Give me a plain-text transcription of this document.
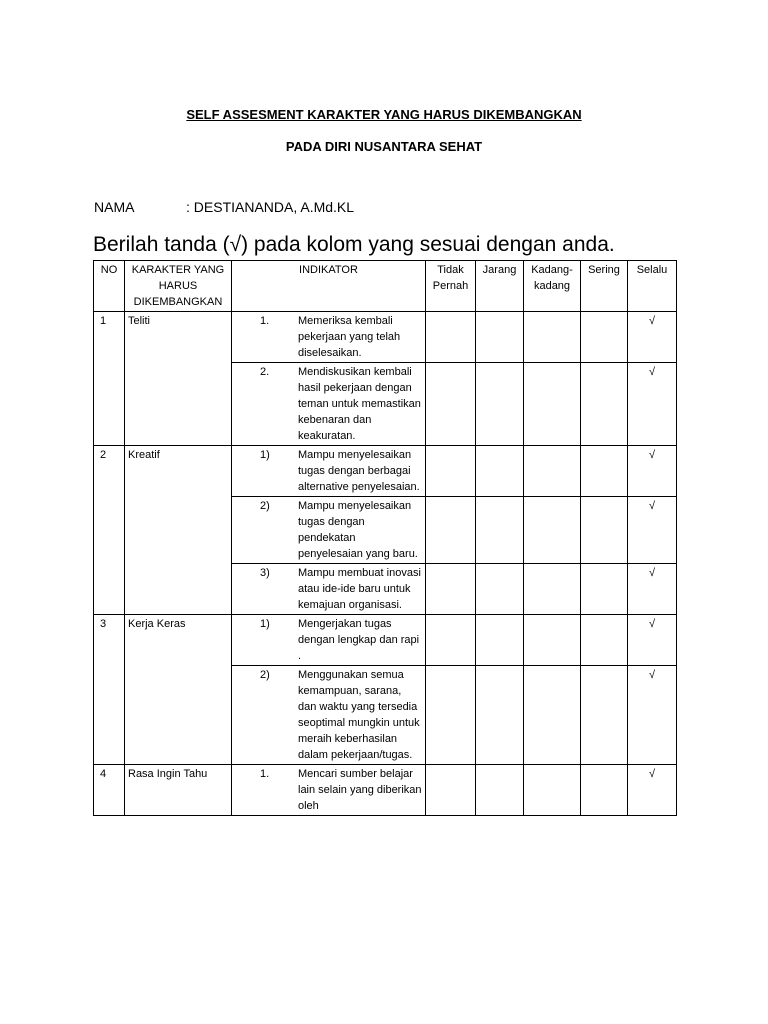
SELF ASSESMENT KARAKTER YANG HARUS DIKEMBANGKAN
PADA DIRI NUSANTARA SEHAT
NAMA	: DESTIANANDA, A.Md.KL
Berilah tanda (√) pada kolom yang sesuai dengan anda.
NO	KARAKTER YANG HARUS DIKEMBANGKAN	INDIKATOR	Tidak Pernah	Jarang	Kadang-kadang	Sering	Selalu
1	Teliti	1. Memeriksa kembali pekerjaan yang telah diselesaikan.					√

		2. Mendiskusikan kembali hasil pekerjaan dengan teman untuk memastikan kebenaran dan keakuratan.					√
2	Kreatif	1) Mampu menyelesaikan tugas dengan berbagai alternative penyelesaian.					√

		2) Mampu menyelesaikan tugas dengan pendekatan penyelesaian yang baru.					√

		3) Mampu membuat inovasi atau ide-ide baru untuk kemajuan organisasi.					√
3	Kerja Keras	1) Mengerjakan tugas dengan lengkap dan rapi .					√

		2) Menggunakan semua kemampuan, sarana, dan waktu yang tersedia seoptimal mungkin untuk meraih keberhasilan dalam pekerjaan/tugas.					√
4	Rasa Ingin Tahu	1. Mencari sumber belajar lain selain yang diberikan oleh					√
